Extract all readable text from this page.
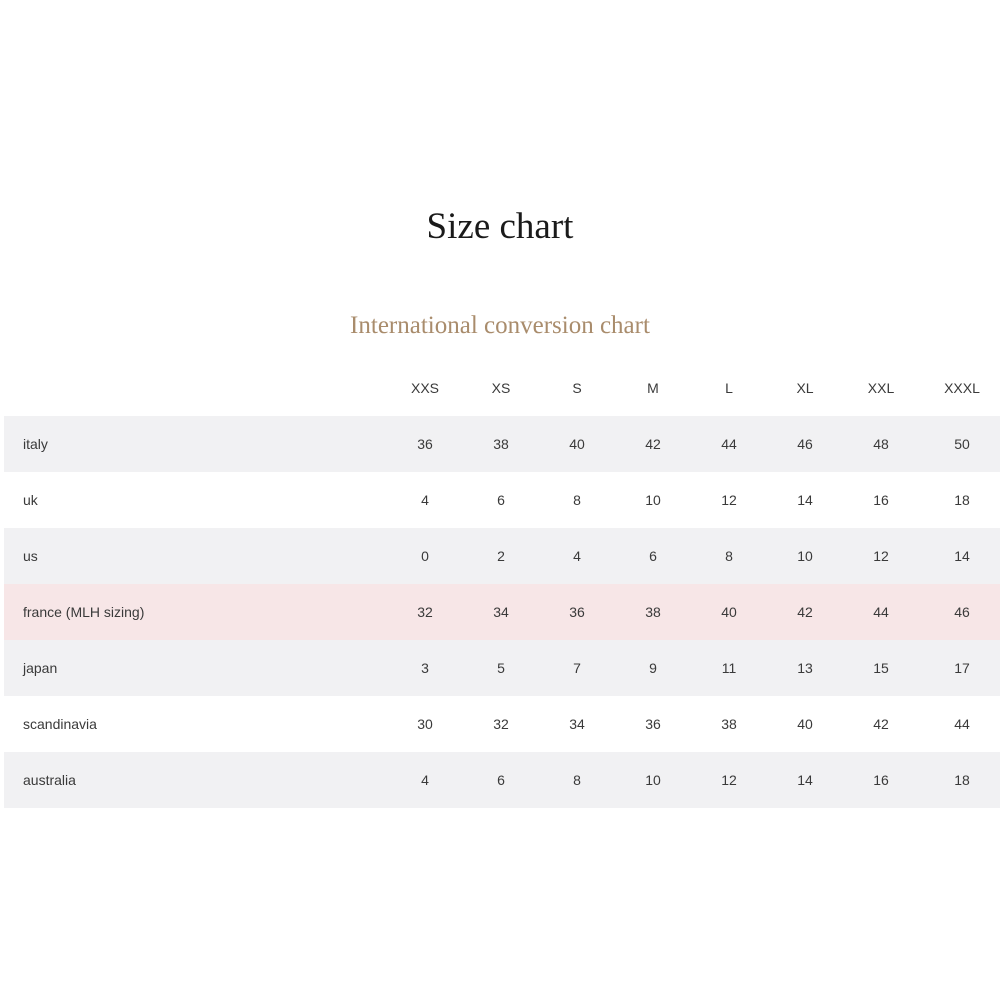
Size chart
International conversion chart
	XXS	XS	S	M	L	XL	XXL	XXXL
italy	36	38	40	42	44	46	48	50
uk	4	6	8	10	12	14	16	18
us	0	2	4	6	8	10	12	14
france (MLH sizing)	32	34	36	38	40	42	44	46
japan	3	5	7	9	11	13	15	17
scandinavia	30	32	34	36	38	40	42	44
australia	4	6	8	10	12	14	16	18
